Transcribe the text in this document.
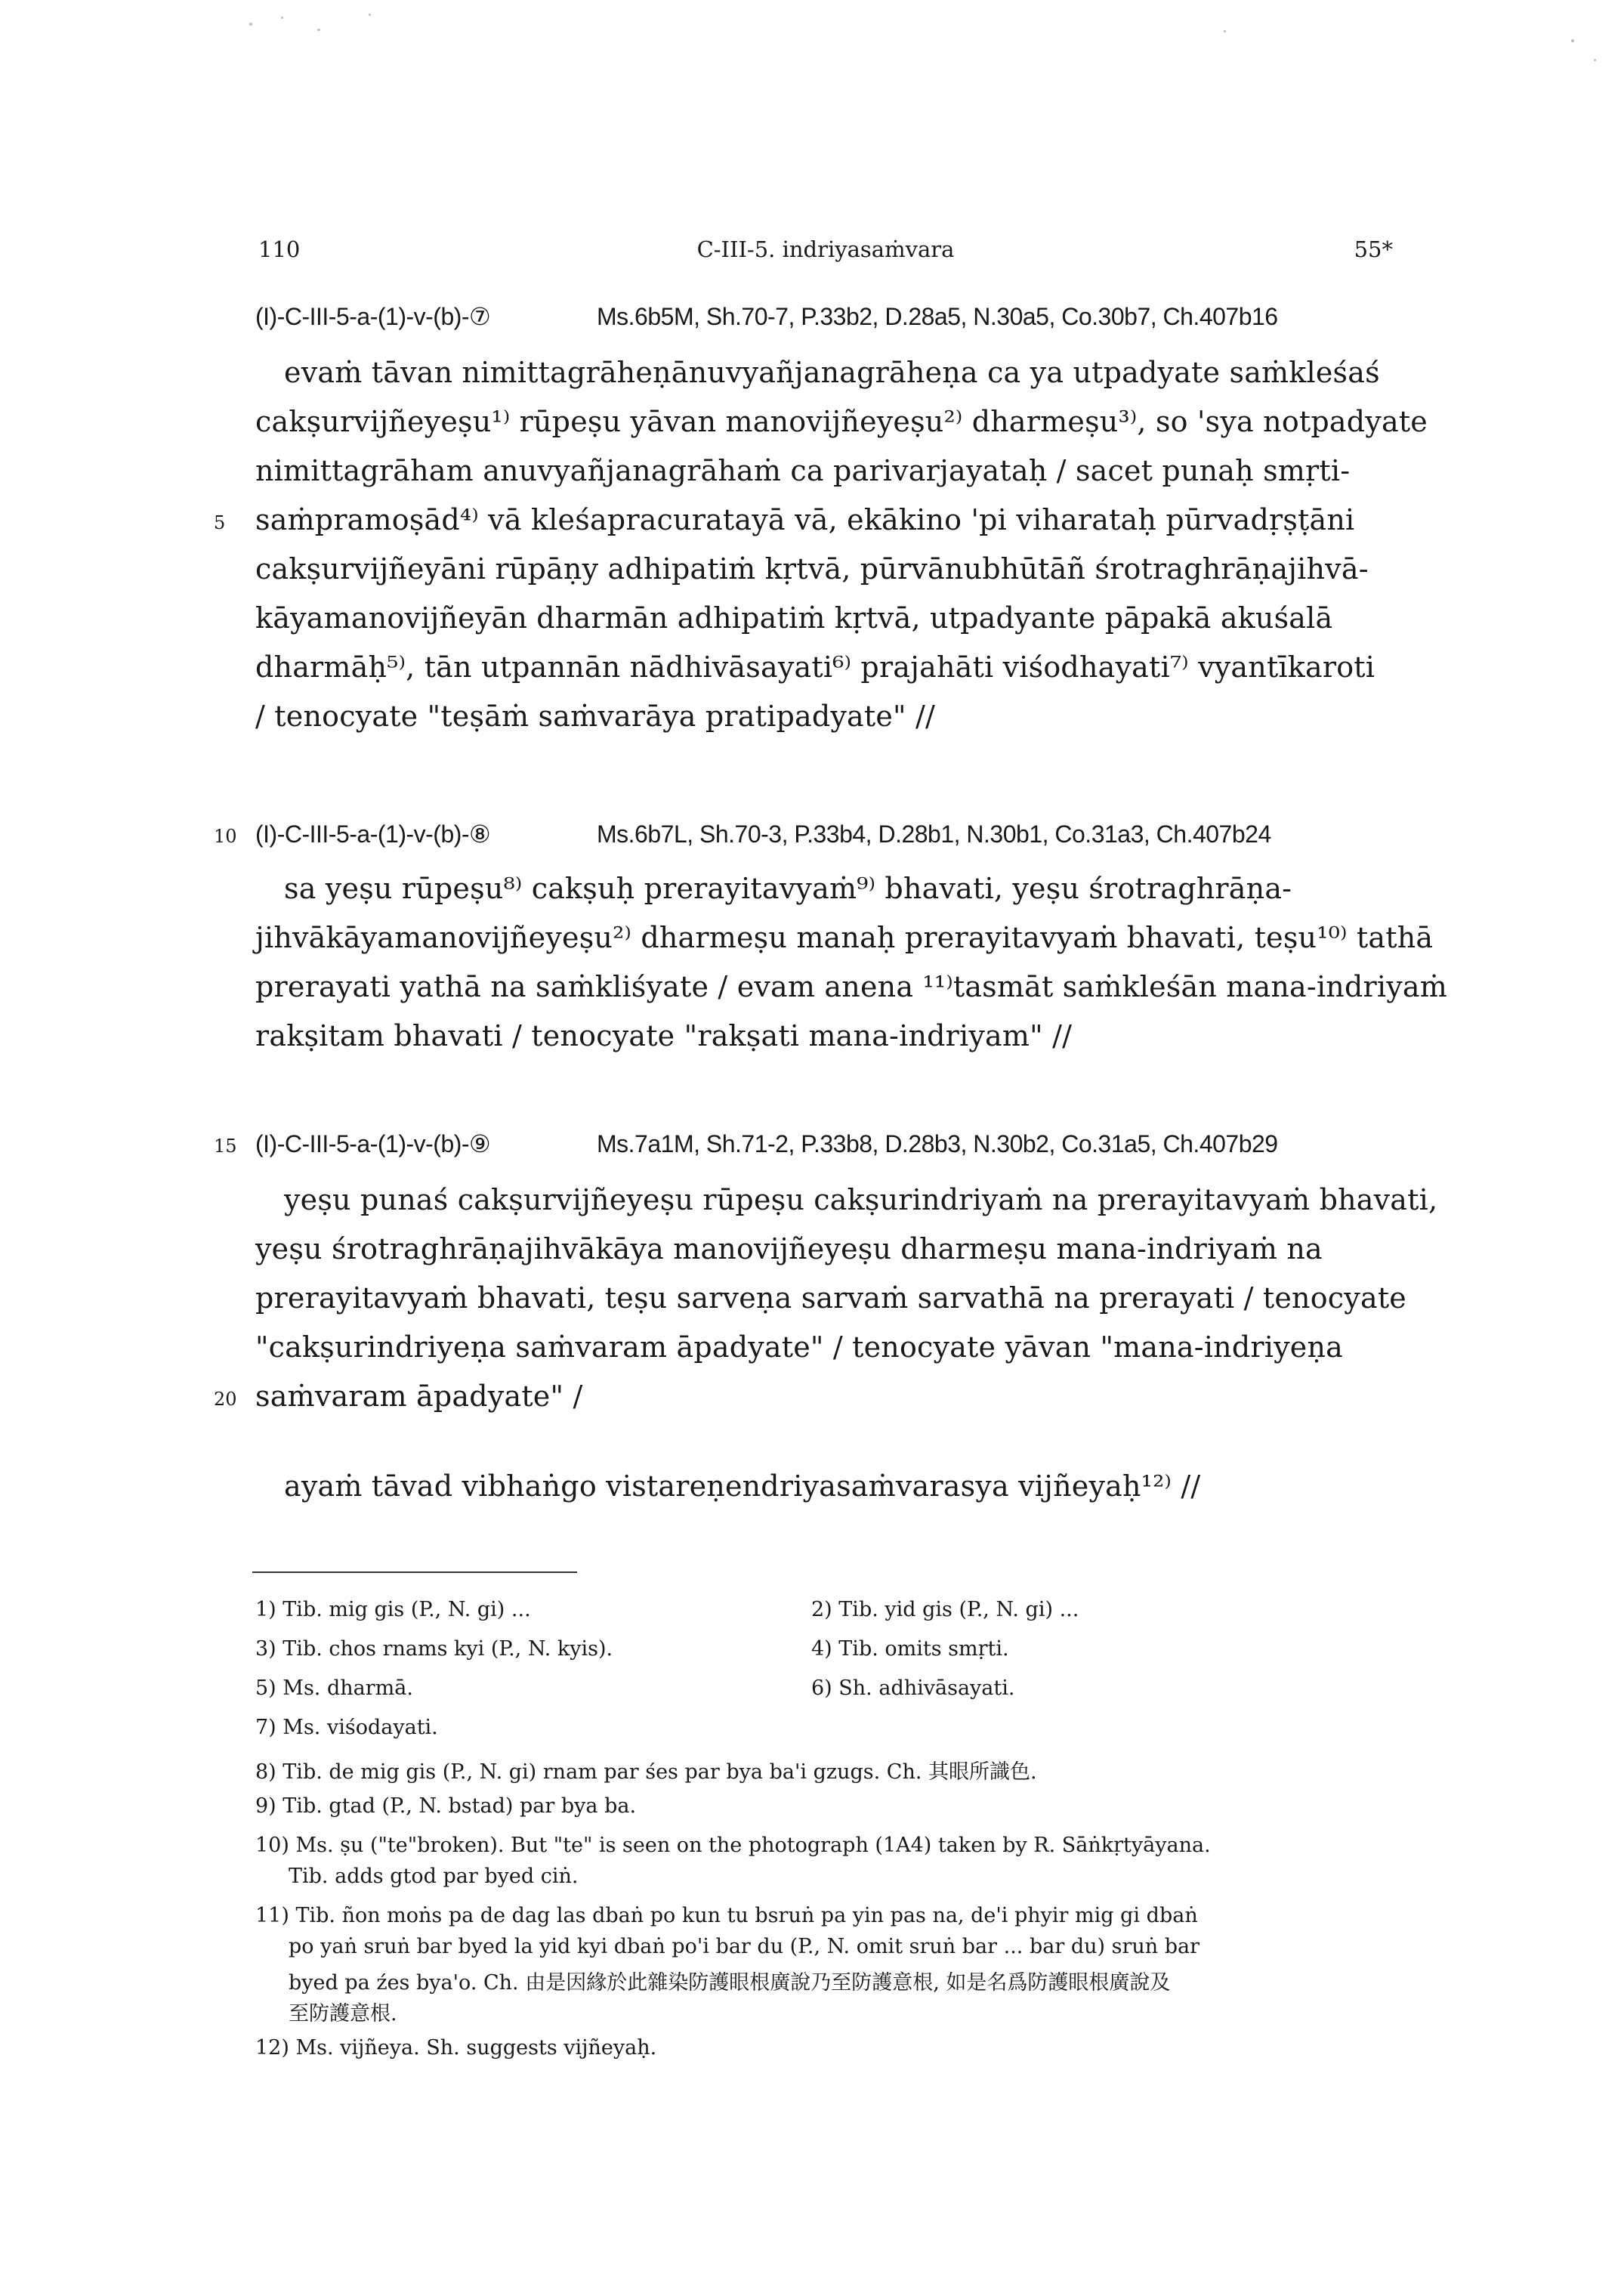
110	C-III-5. indriyasaṁvara	55*
(I)-C-III-5-a-(1)-v-(b)-⑦	Ms.6b5M, Sh.70-7, P.33b2, D.28a5, N.30a5, Co.30b7, Ch.407b16
evaṁ tāvan nimittagrāheṇānuvyañjanagrāheṇa ca ya utpadyate saṁkleśaś
cakṣurvijñeyeṣu¹⁾ rūpeṣu yāvan manovijñeyeṣu²⁾ dharmeṣu³⁾, so 'sya notpadyate
nimittagrāham anuvyañjanagrāhaṁ ca parivarjayataḥ / sacet punaḥ smṛti-
5 saṁpramoṣād⁴⁾ vā kleśapracuratayā vā, ekākino 'pi viharataḥ pūrvadṛṣṭāni
cakṣurvijñeyāni rūpāṇy adhipatiṁ kṛtvā, pūrvānubhūtāñ śrotraghrāṇajihvā-
kāyamanovijñeyān dharmān adhipatiṁ kṛtvā, utpadyante pāpakā akuśalā
dharmāḥ⁵⁾, tān utpannān nādhivāsayati⁶⁾ prajahāti viśodhayati⁷⁾ vyantīkaroti
/ tenocyate "teṣāṁ saṁvarāya pratipadyate" //
10 (I)-C-III-5-a-(1)-v-(b)-⑧	Ms.6b7L, Sh.70-3, P.33b4, D.28b1, N.30b1, Co.31a3, Ch.407b24
sa yeṣu rūpeṣu⁸⁾ cakṣuḥ prerayitavyaṁ⁹⁾ bhavati, yeṣu śrotraghrāṇa-
jihvākāyamanovijñeyeṣu²⁾ dharmeṣu manaḥ prerayitavyaṁ bhavati, teṣu¹⁰⁾ tathā
prerayati yathā na saṁkliśyate / evam anena ¹¹⁾tasmāt saṁkleśān mana-indriyaṁ
rakṣitam bhavati / tenocyate "rakṣati mana-indriyam" //
15 (I)-C-III-5-a-(1)-v-(b)-⑨	Ms.7a1M, Sh.71-2, P.33b8, D.28b3, N.30b2, Co.31a5, Ch.407b29
yeṣu punaś cakṣurvijñeyeṣu rūpeṣu cakṣurindriyaṁ na prerayitavyaṁ bhavati,
yeṣu śrotraghrāṇajihvākāya manovijñeyeṣu dharmeṣu mana-indriyaṁ na
prerayitavyaṁ bhavati, teṣu sarveṇa sarvaṁ sarvathā na prerayati / tenocyate
"cakṣurindriyeṇa saṁvaram āpadyate" / tenocyate yāvan "mana-indriyeṇa
20 saṁvaram āpadyate" /
ayaṁ tāvad vibhaṅgo vistareṇendriyasaṁvarasya vijñeyaḥ¹²⁾ //
1) Tib. mig gis (P., N. gi) ...	2) Tib. yid gis (P., N. gi) ...
3) Tib. chos rnams kyi (P., N. kyis).	4) Tib. omits smṛti.
5) Ms. dharmā.	6) Sh. adhivāsayati.
7) Ms. viśodayati.
8) Tib. de mig gis (P., N. gi) rnam par śes par bya ba'i gzugs. Ch. 其眼所識色.
9) Tib. gtad (P., N. bstad) par bya ba.
10) Ms. ṣu ("te"broken). But "te" is seen on the photograph (1A4) taken by R. Sāṅkṛtyāyana.
Tib. adds gtod par byed ciṅ.
11) Tib. ñon moṅs pa de dag las dbaṅ po kun tu bsruṅ pa yin pas na, de'i phyir mig gi dbaṅ
po yaṅ sruṅ bar byed la yid kyi dbaṅ po'i bar du (P., N. omit sruṅ bar ... bar du) sruṅ bar
byed pa źes bya'o. Ch. 由是因緣於此雜染防護眼根廣說乃至防護意根, 如是名爲防護眼根廣說及
至防護意根.
12) Ms. vijñeya. Sh. suggests vijñeyaḥ.
